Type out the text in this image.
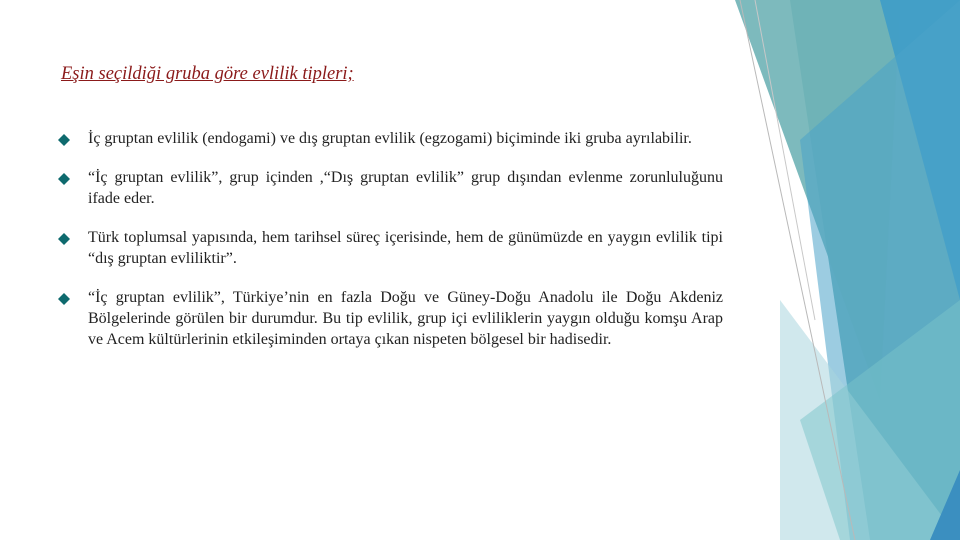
Eşin seçildiği gruba göre evlilik tipleri;
İç gruptan evlilik (endogami) ve dış gruptan evlilik (egzogami) biçiminde iki gruba ayrılabilir.
“İç gruptan evlilik”, grup içinden ,“Dış gruptan evlilik” grup dışından evlenme zorunluluğunu ifade eder.
Türk toplumsal yapısında, hem tarihsel süreç içerisinde, hem de günümüzde en yaygın evlilik tipi “dış gruptan evliliktir”.
“İç gruptan evlilik”, Türkiye’nin en fazla Doğu ve Güney-Doğu Anadolu ile Doğu Akdeniz Bölgelerinde görülen bir durumdur. Bu tip evlilik, grup içi evliliklerin yaygın olduğu komşu Arap ve Acem kültürlerinin etkileşiminden ortaya çıkan nispeten bölgesel bir hadisedir.
